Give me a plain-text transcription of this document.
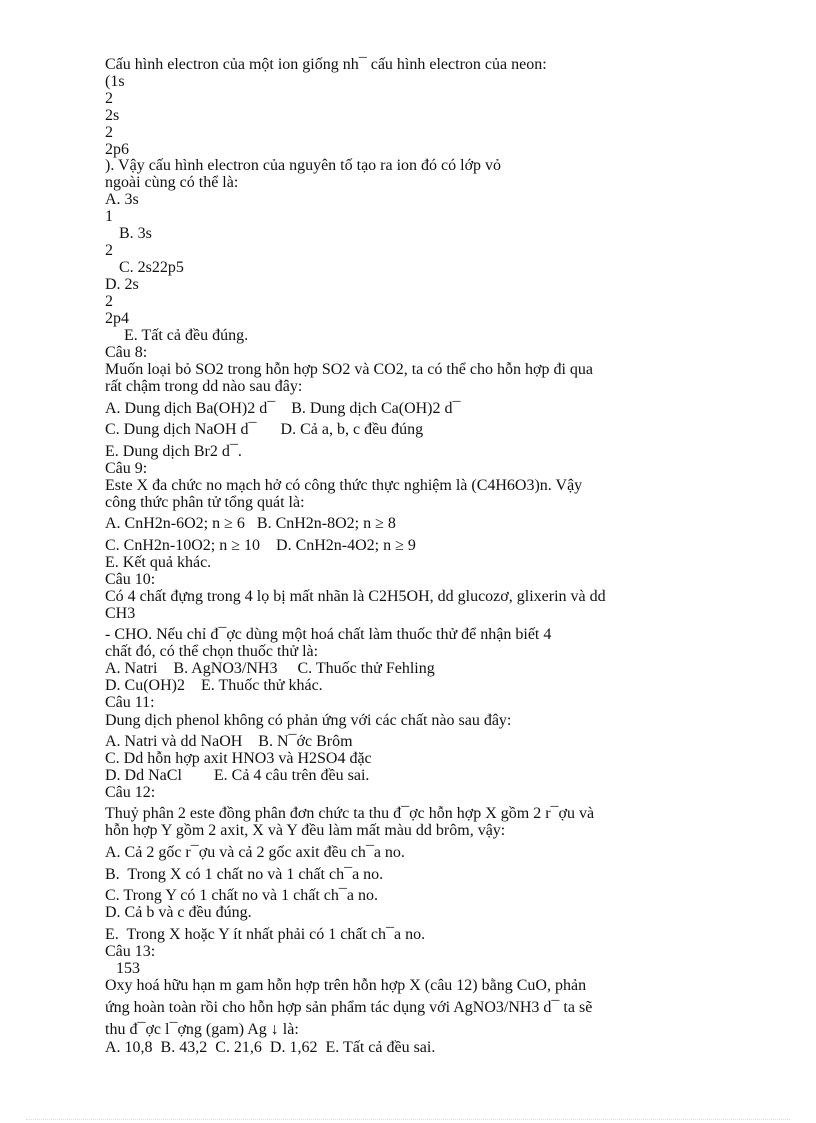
Cấu hình electron của một ion giống nh¯ cấu hình electron của neon:
(1s
2
2s
2
2p6
). Vậy cấu hình electron của nguyên tố tạo ra ion đó có lớp vỏ
ngoài cùng có thể là:
A. 3s
1
B. 3s
2
C. 2s22p5
D. 2s
2
2p4
E. Tất cả đều đúng.
Câu 8:
Muốn loại bỏ SO2 trong hỗn hợp SO2 và CO2, ta có thể cho hỗn hợp đi qua
rất chậm trong dd nào sau đây:
A. Dung dịch Ba(OH)2 d¯    B. Dung dịch Ca(OH)2 d¯
C. Dung dịch NaOH d¯      D. Cả a, b, c đều đúng
E. Dung dịch Br2 d¯.
Câu 9:
Este X đa chức no mạch hở có công thức thực nghiệm là (C4H6O3)n. Vậy
công thức phân tử tổng quát là:
A. CnH2n-6O2; n ≥ 6   B. CnH2n-8O2; n ≥ 8
C. CnH2n-10O2; n ≥ 10    D. CnH2n-4O2; n ≥ 9
E. Kết quả khác.
Câu 10:
Có 4 chất đựng trong 4 lọ bị mất nhãn là C2H5OH, dd glucozơ, glixerin và dd
CH3
- CHO. Nếu chỉ đ¯ợc dùng một hoá chất làm thuốc thử để nhận biết 4
chất đó, có thể chọn thuốc thử là:
A. Natri    B. AgNO3/NH3     C. Thuốc thử Fehling
D. Cu(OH)2    E. Thuốc thử khác.
Câu 11:
Dung dịch phenol không có phản ứng với các chất nào sau đây:
A. Natri và dd NaOH    B. N¯ớc Brôm
C. Dd hỗn hợp axit HNO3 và H2SO4 đặc
D. Dd NaCl        E. Cả 4 câu trên đều sai.
Câu 12:
Thuỷ phân 2 este đồng phân đơn chức ta thu đ¯ợc hỗn hợp X gồm 2 r¯ợu và
hỗn hợp Y gồm 2 axit, X và Y đều làm mất màu dd brôm, vậy:
A. Cả 2 gốc r¯ợu và cả 2 gốc axit đều ch¯a no.
B.  Trong X có 1 chất no và 1 chất ch¯a no.
C. Trong Y có 1 chất no và 1 chất ch¯a no.
D. Cả b và c đều đúng.
E.  Trong X hoặc Y ít nhất phải có 1 chất ch¯a no.
Câu 13:
153
Oxy hoá hữu hạn m gam hỗn hợp trên hỗn hợp X (câu 12) bằng CuO, phản
ứng hoàn toàn rồi cho hỗn hợp sản phẩm tác dụng với AgNO3/NH3 d¯ ta sẽ
thu đ¯ợc l¯ợng (gam) Ag ↓ là:
A. 10,8  B. 43,2  C. 21,6  D. 1,62  E. Tất cả đều sai.
